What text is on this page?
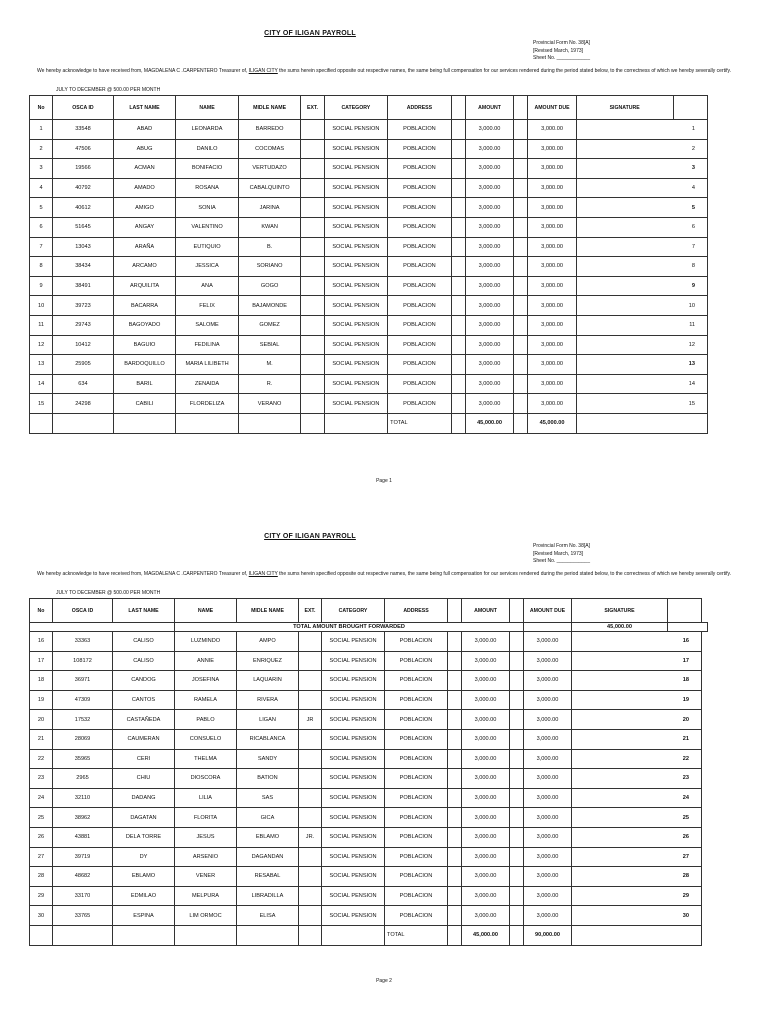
CITY OF ILIGAN PAYROLL
Provincial Form No. 38[A]
[Revised March, 1973]
Sheet No. ____________
We hereby acknowledge to have received from, MAGDALENA C .CARPENTERO Treasurer of, ILIGAN CITY the sums herein specified opposite out respective names, the same being full compensation for our services rendered during the period stated below, to the correctness of which we hereby severally certify.
JULY TO DECEMBER @ 500.00 PER MONTH
No	OSCA ID	LAST NAME	NAME	MIDLE NAME	EXT.	CATEGORY	ADDRESS		AMOUNT		AMOUNT DUE	SIGNATURE	
1	33548	ABAD	LEONARDA	BARREDO		SOCIAL PENSION	POBLACION		3,000.00		3,000.00	1	
2	47506	ABUG	DANILO	COCOMAS		SOCIAL PENSION	POBLACION		3,000.00		3,000.00	2	
3	19566	ACMAN	BONIFACIO	VERTUDAZO		SOCIAL PENSION	POBLACION		3,000.00		3,000.00	3	
4	40792	AMADO	ROSANA	CABALQUINTO		SOCIAL PENSION	POBLACION		3,000.00		3,000.00	4	
5	40612	AMIGO	SONIA	JARINA		SOCIAL PENSION	POBLACION		3,000.00		3,000.00	5	
6	51645	ANGAY	VALENTINO	KWAN		SOCIAL PENSION	POBLACION		3,000.00		3,000.00	6	
7	13043	ARAÑA	EUTIQUIO	B.		SOCIAL PENSION	POBLACION		3,000.00		3,000.00	7	
8	38434	ARCAMO	JESSICA	SORIANO		SOCIAL PENSION	POBLACION		3,000.00		3,000.00	8	
9	38491	ARQUILITA	ANA	GOGO		SOCIAL PENSION	POBLACION		3,000.00		3,000.00	9	
10	39723	BACARRA	FELIX	BAJAMONDE		SOCIAL PENSION	POBLACION		3,000.00		3,000.00	10	
11	29743	BAGOYADO	SALOME	GOMEZ		SOCIAL PENSION	POBLACION		3,000.00		3,000.00	11	
12	10412	BAGUIO	FEDILINA	SEBIAL		SOCIAL PENSION	POBLACION		3,000.00		3,000.00	12	
13	25905	BARDOQUILLO	MARIA LILIBETH	M.		SOCIAL PENSION	POBLACION		3,000.00		3,000.00	13	
14	634	BARIL	ZENAIDA	R.		SOCIAL PENSION	POBLACION		3,000.00		3,000.00	14	
15	24298	CABILI	FLORDELIZA	VERANO		SOCIAL PENSION	POBLACION		3,000.00		3,000.00	15	
							TOTAL		45,000.00		45,000.00		
Page 1
CITY OF ILIGAN PAYROLL
Provincial Form No. 38[A]
[Revised March, 1973]
Sheet No. ____________
We hereby acknowledge to have received from, MAGDALENA C .CARPENTERO Treasurer of, ILIGAN CITY the sums herein specified opposite out respective names, the same being full compensation for our services rendered during the period stated below, to the correctness of which we hereby severally certify.
JULY TO DECEMBER @ 500.00 PER MONTH
No	OSCA ID	LAST NAME	NAME	MIDLE NAME	EXT.	CATEGORY	ADDRESS		AMOUNT		AMOUNT DUE	SIGNATURE	
			TOTAL AMOUNT BROUGHT FORWARDED									45,000.00	
16	33363	CALISO	LUZMINDO	AMPO		SOCIAL PENSION	POBLACION		3,000.00		3,000.00	16	
17	108172	CALISO	ANNIE	ENRIQUEZ		SOCIAL PENSION	POBLACION		3,000.00		3,000.00	17	
18	36971	CANDOG	JOSEFINA	LAQUARIN		SOCIAL PENSION	POBLACION		3,000.00		3,000.00	18	
19	47309	CANTOS	RAMELA	RIVERA		SOCIAL PENSION	POBLACION		3,000.00		3,000.00	19	
20	17532	CASTAÑEDA	PABLO	LIGAN	JR	SOCIAL PENSION	POBLACION		3,000.00		3,000.00	20	
21	28069	CAUMERAN	CONSUELO	RICABLANCA		SOCIAL PENSION	POBLACION		3,000.00		3,000.00	21	
22	35965	CERI	THELMA	SANDY		SOCIAL PENSION	POBLACION		3,000.00		3,000.00	22	
23	2965	CHIU	DIOSCORA	BATION		SOCIAL PENSION	POBLACION		3,000.00		3,000.00	23	
24	32110	DADANG	LILIA	SAS		SOCIAL PENSION	POBLACION		3,000.00		3,000.00	24	
25	38962	DAGATAN	FLORITA	GICA		SOCIAL PENSION	POBLACION		3,000.00		3,000.00	25	
26	43881	DELA TORRE	JESUS	EBLAMO	JR.	SOCIAL PENSION	POBLACION		3,000.00		3,000.00	26	
27	39719	DY	ARSENIO	DAGANDAN		SOCIAL PENSION	POBLACION		3,000.00		3,000.00	27	
28	48682	EBLAMO	VENER	RESABAL		SOCIAL PENSION	POBLACION		3,000.00		3,000.00	28	
29	33170	EDMILAO	MELPURA	LIBRADILLA		SOCIAL PENSION	POBLACION		3,000.00		3,000.00	29	
30	33765	ESPINA	LIM ORMOC	ELISA		SOCIAL PENSION	POBLACION		3,000.00		3,000.00	30	
							TOTAL		45,000.00		90,000.00		
Page 2
